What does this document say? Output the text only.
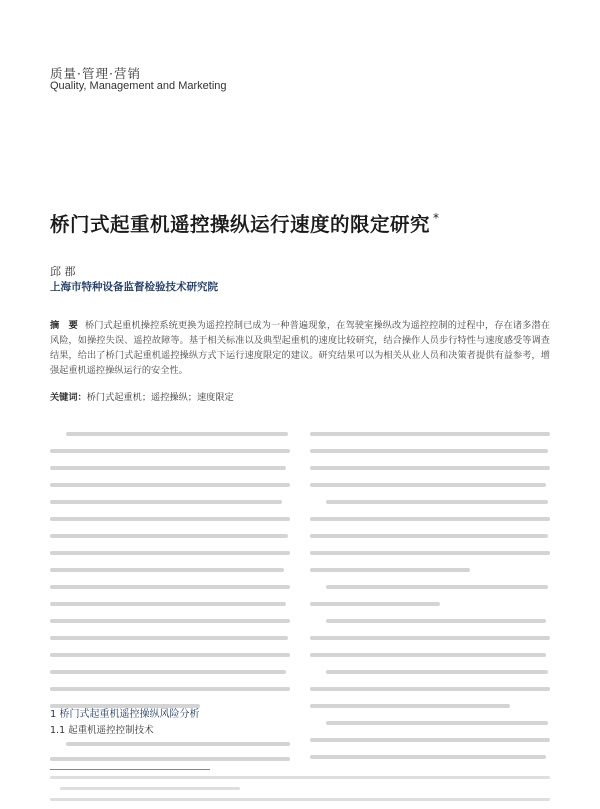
质量·管理·营销
Quality, Management and Marketing
桥门式起重机遥控操纵运行速度的限定研究 *
邱 郡
上海市特种设备监督检验技术研究院
摘 要 桥门式起重机操控系统更换为遥控控制已成为一种普遍现象，在驾驶室操纵改为遥控控制的过程中，存在诸多潜在风险，如操控失误、遥控故障等。基于相关标准以及典型起重机的速度比较研究，结合操作人员步行特性与速度感受等调查结果，给出了桥门式起重机遥控操纵方式下运行速度限定的建议。研究结果可以为相关从业人员和决策者提供有益参考，增强起重机遥控操纵运行的安全性。
关键词：桥门式起重机；遥控操纵；速度限定
1 桥门式起重机遥控操纵风险分析
1.1 起重机遥控控制技术
